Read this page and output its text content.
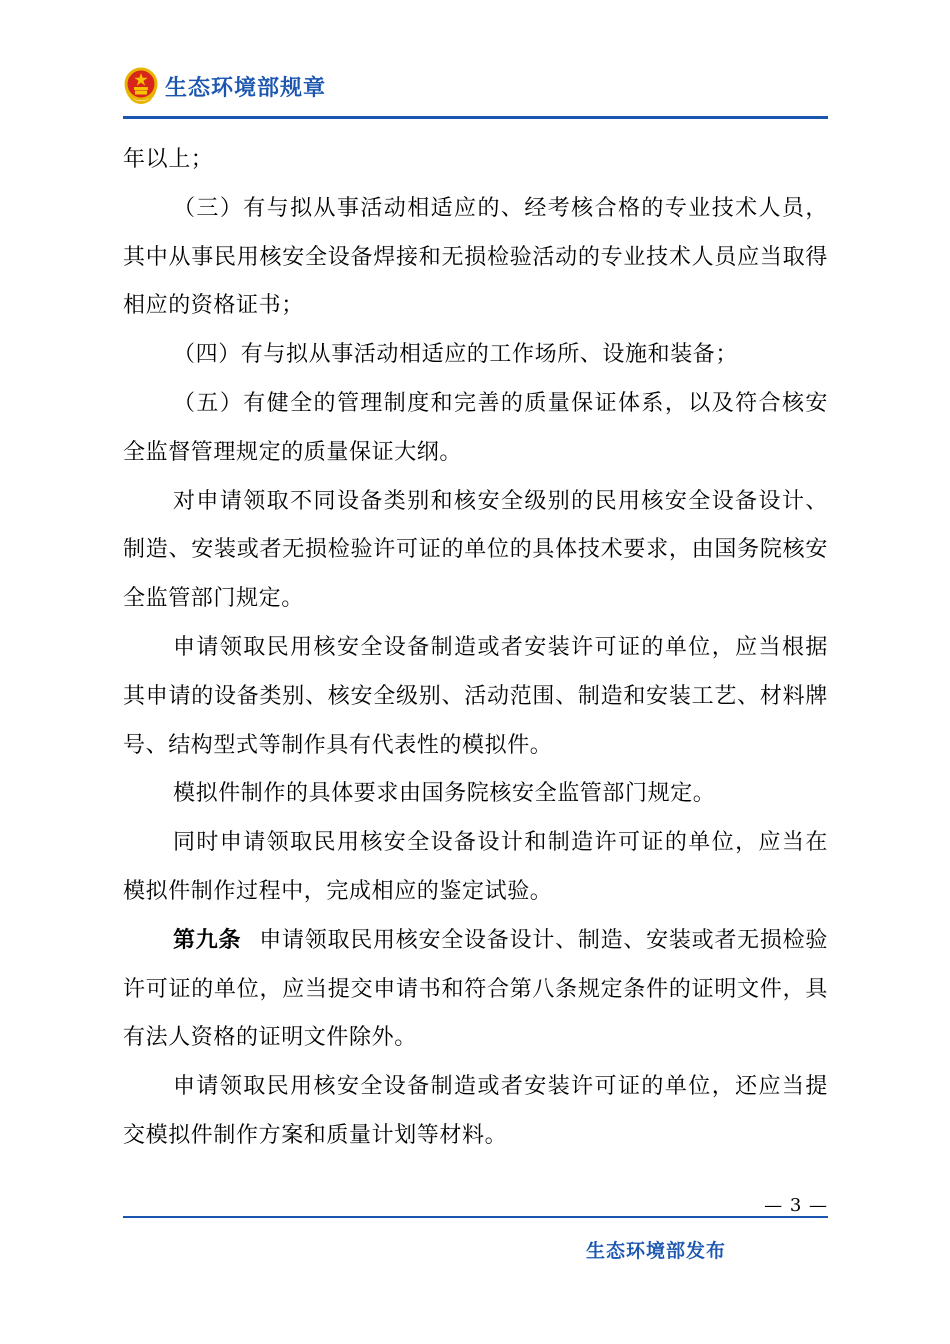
生态环境部规章

年以上；

（三）有与拟从事活动相适应的、经考核合格的专业技术人员，其中从事民用核安全设备焊接和无损检验活动的专业技术人员应当取得相应的资格证书；

（四）有与拟从事活动相适应的工作场所、设施和装备；

（五）有健全的管理制度和完善的质量保证体系，以及符合核安全监督管理规定的质量保证大纲。

对申请领取不同设备类别和核安全级别的民用核安全设备设计、制造、安装或者无损检验许可证的单位的具体技术要求，由国务院核安全监管部门规定。

申请领取民用核安全设备制造或者安装许可证的单位，应当根据其申请的设备类别、核安全级别、活动范围、制造和安装工艺、材料牌号、结构型式等制作具有代表性的模拟件。

模拟件制作的具体要求由国务院核安全监管部门规定。

同时申请领取民用核安全设备设计和制造许可证的单位，应当在模拟件制作过程中，完成相应的鉴定试验。

第九条 申请领取民用核安全设备设计、制造、安装或者无损检验许可证的单位，应当提交申请书和符合第八条规定条件的证明文件，具有法人资格的证明文件除外。

申请领取民用核安全设备制造或者安装许可证的单位，还应当提交模拟件制作方案和质量计划等材料。

— 3 —
生态环境部发布
